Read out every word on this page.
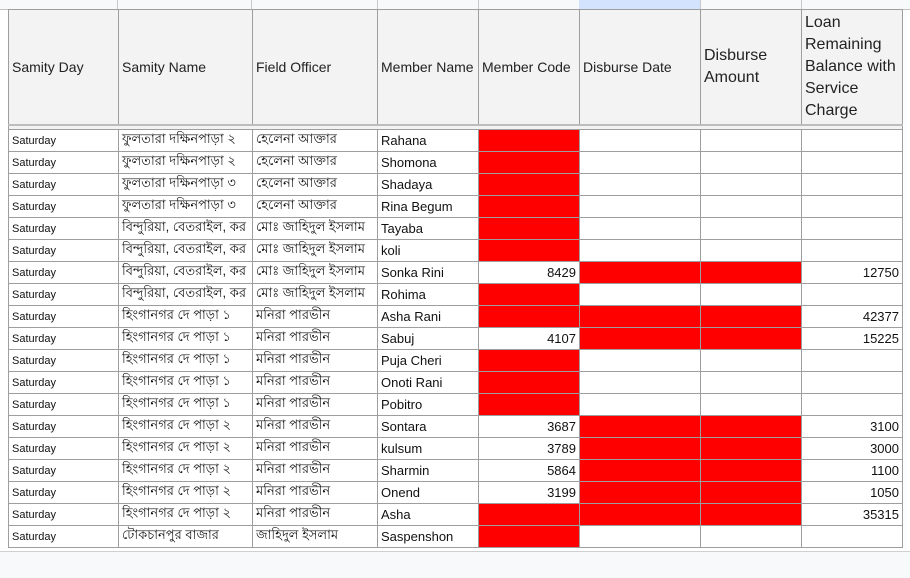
Samity Day	Samity Name	Field Officer	Member Name	Member Code	Disburse Date	Disburse Amount	Loan Remaining Balance with Service Charge

Saturday	ফুলতারা দক্ষিনপাড়া ২	হেলেনা আক্তার	Rahana				
Saturday	ফুলতারা দক্ষিনপাড়া ২	হেলেনা আক্তার	Shomona				
Saturday	ফুলতারা দক্ষিনপাড়া ৩	হেলেনা আক্তার	Shadaya				
Saturday	ফুলতারা দক্ষিনপাড়া ৩	হেলেনা আক্তার	Rina Begum				
Saturday	বিন্দুরিয়া, বেতরাইল, কর	মোঃ জাহিদুল ইসলাম	Tayaba				
Saturday	বিন্দুরিয়া, বেতরাইল, কর	মোঃ জাহিদুল ইসলাম	koli				
Saturday	বিন্দুরিয়া, বেতরাইল, কর	মোঃ জাহিদুল ইসলাম	Sonka Rini	8429			12750
Saturday	বিন্দুরিয়া, বেতরাইল, কর	মোঃ জাহিদুল ইসলাম	Rohima				
Saturday	হিংগানগর দে পাড়া ১	মনিরা পারভীন	Asha Rani				42377
Saturday	হিংগানগর দে পাড়া ১	মনিরা পারভীন	Sabuj	4107			15225
Saturday	হিংগানগর দে পাড়া ১	মনিরা পারভীন	Puja Cheri				
Saturday	হিংগানগর দে পাড়া ১	মনিরা পারভীন	Onoti Rani				
Saturday	হিংগানগর দে পাড়া ১	মনিরা পারভীন	Pobitro				
Saturday	হিংগানগর দে পাড়া ২	মনিরা পারভীন	Sontara	3687			3100
Saturday	হিংগানগর দে পাড়া ২	মনিরা পারভীন	kulsum	3789			3000
Saturday	হিংগানগর দে পাড়া ২	মনিরা পারভীন	Sharmin	5864			1100
Saturday	হিংগানগর দে পাড়া ২	মনিরা পারভীন	Onend	3199			1050
Saturday	হিংগানগর দে পাড়া ২	মনিরা পারভীন	Asha				35315
Saturday	টোকচানপুর বাজার	জাহিদুল ইসলাম	Saspenshon				
